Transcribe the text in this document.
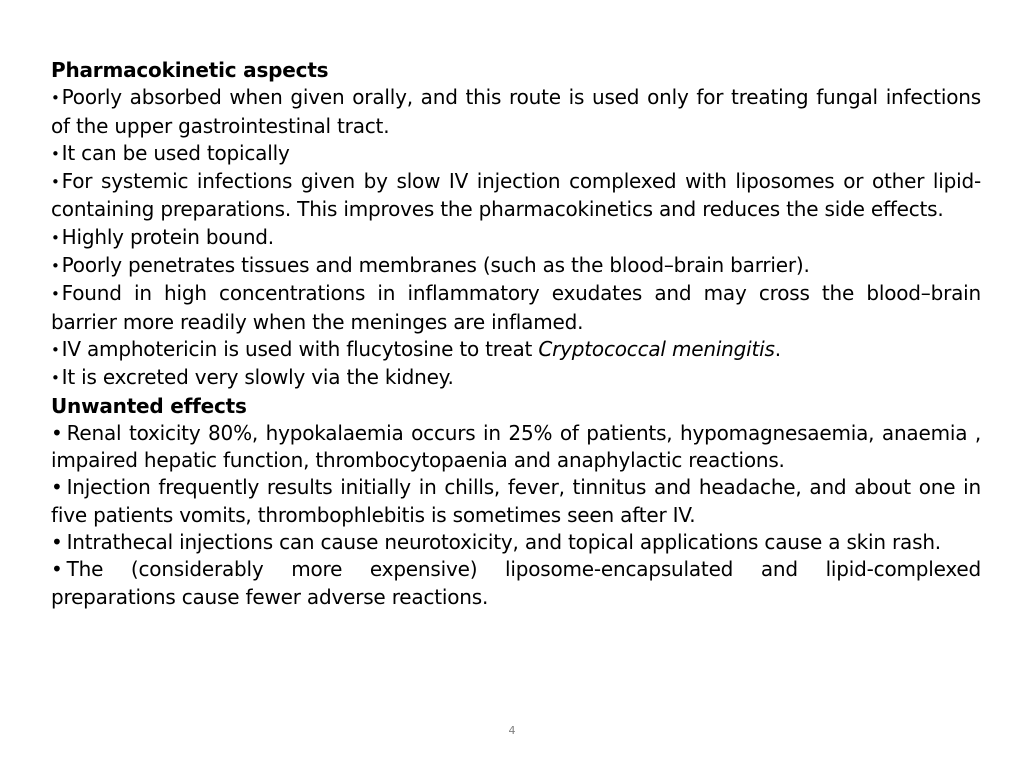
Pharmacokinetic aspects

• Poorly absorbed when given orally, and this route is used only for treating fungal infections of the upper gastrointestinal tract.

• It can be used topically

• For systemic infections given by slow IV injection complexed with liposomes or other lipid-containing preparations. This improves the pharmacokinetics and reduces the side effects.

• Highly protein bound.

• Poorly penetrates tissues and membranes (such as the blood–brain barrier).

• Found in high concentrations in inflammatory exudates and may cross the blood–brain barrier more readily when the meninges are inflamed.

• IV amphotericin is used with flucytosine to treat Cryptococcal meningitis.

• It is excreted very slowly via the kidney.

Unwanted effects

• Renal toxicity 80%, hypokalaemia occurs in 25% of patients, hypomagnesaemia, anaemia , impaired hepatic function, thrombocytopaenia and anaphylactic reactions.

• Injection frequently results initially in chills, fever, tinnitus and headache, and about one in five patients vomits, thrombophlebitis is sometimes seen after IV.

• Intrathecal injections can cause neurotoxicity, and topical applications cause a skin rash.

• The (considerably more expensive) liposome-encapsulated and lipid-complexed preparations cause fewer adverse reactions.

4
